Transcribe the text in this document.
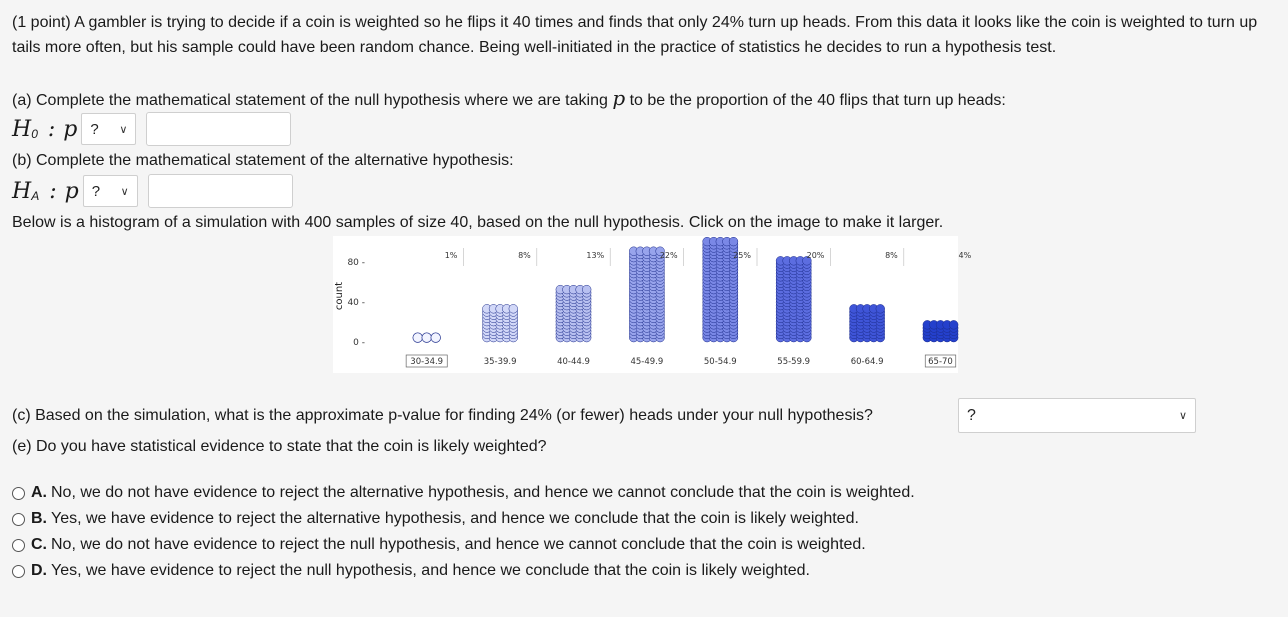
(1 point) A gambler is trying to decide if a coin is weighted so he flips it 40 times and finds that only 24% turn up heads. From this data it looks like the coin is weighted to turn up tails more often, but his sample could have been random chance. Being well-initiated in the practice of statistics he decides to run a hypothesis test.
(a) Complete the mathematical statement of the null hypothesis where we are taking p to be the proportion of the 40 flips that turn up heads:
H 0 : p ? ∨
(b) Complete the mathematical statement of the alternative hypothesis:
H A : p ? ∨
Below is a histogram of a simulation with 400 samples of size 40, based on the null hypothesis. Click on the image to make it larger.
count
0 -
40 -
80 -
1%	8%	13%	22%	25%	20%	8%	4%
30-34.9	35-39.9	40-44.9	45-49.9	50-54.9	55-59.9	60-64.9	65-70
(c) Based on the simulation, what is the approximate p-value for finding 24% (or fewer) heads under your null hypothesis?	?	∨
(e) Do you have statistical evidence to state that the coin is likely weighted?
A. No, we do not have evidence to reject the alternative hypothesis, and hence we cannot conclude that the coin is weighted.
B. Yes, we have evidence to reject the alternative hypothesis, and hence we conclude that the coin is likely weighted.
C. No, we do not have evidence to reject the null hypothesis, and hence we cannot conclude that the coin is weighted.
D. Yes, we have evidence to reject the null hypothesis, and hence we conclude that the coin is likely weighted.
